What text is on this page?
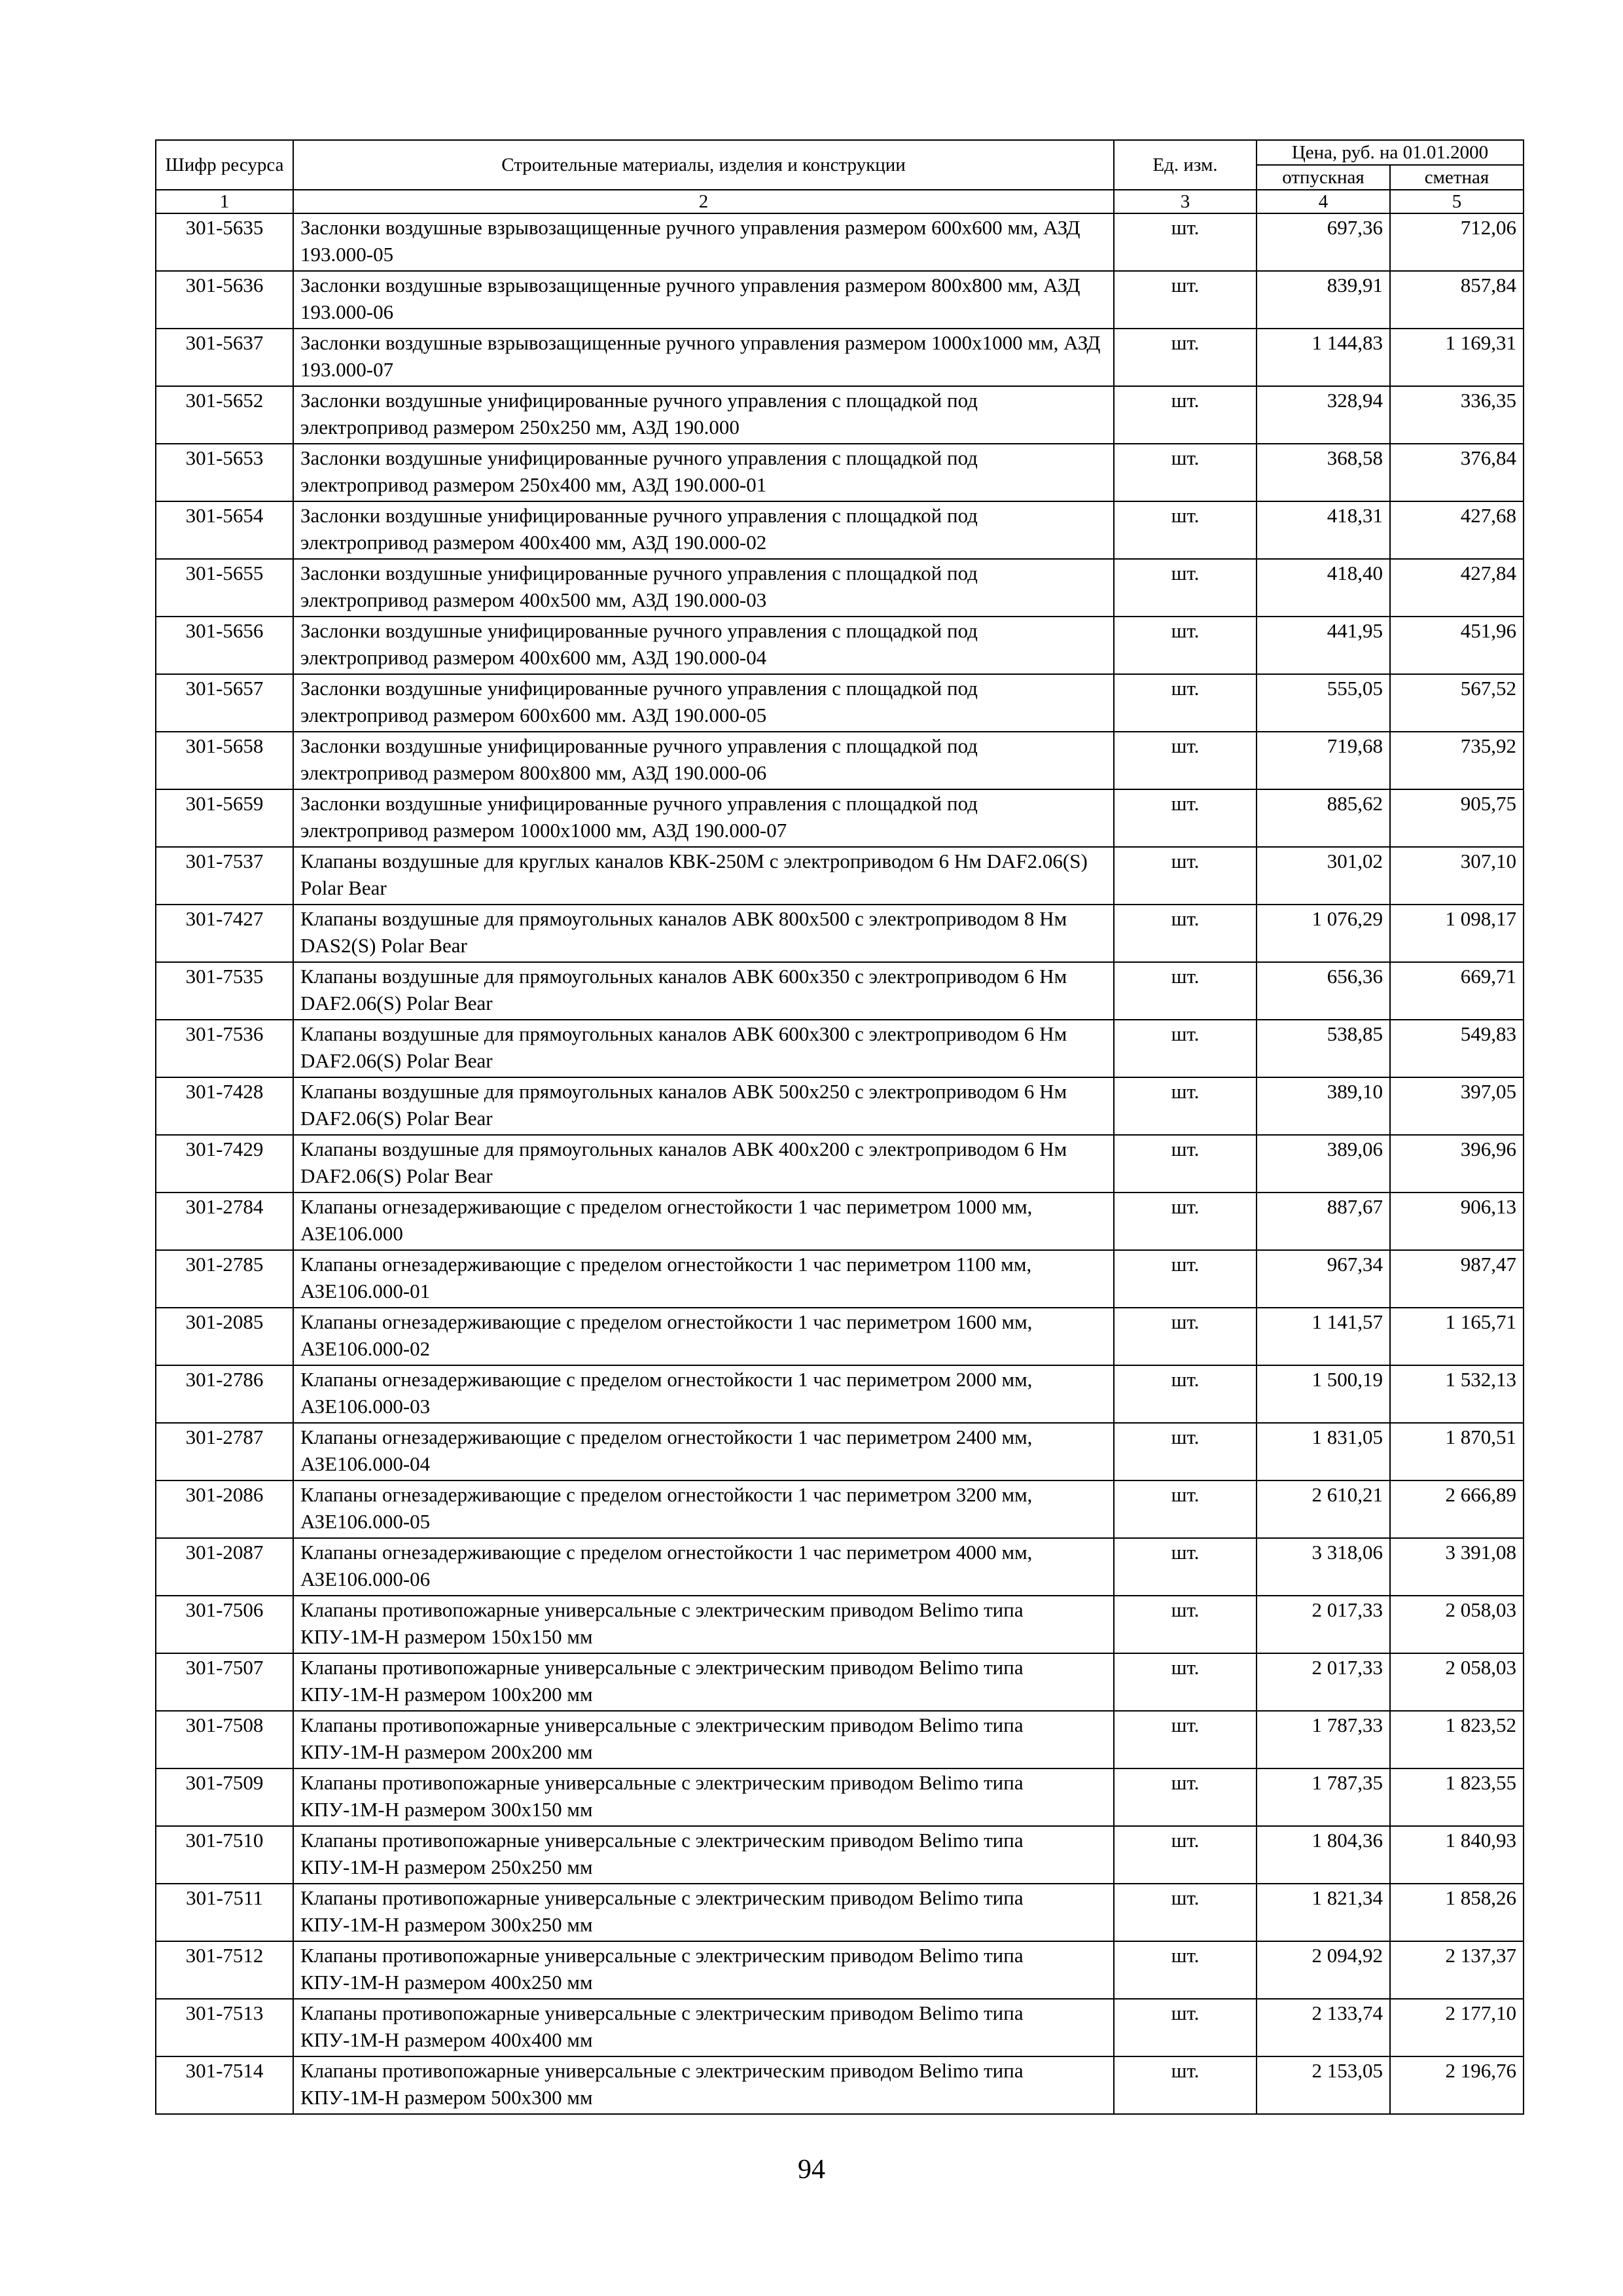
Шифр ресурса	Строительные материалы, изделия и конструкции	Ед. изм.	Цена, руб. на 01.01.2000	
			отпускная	сметная
1	2	3	4	5
301-5635	Заслонки воздушные взрывозащищенные ручного управления размером 600х600 мм, АЗД 193.000-05	шт.	697,36	712,06
301-5636	Заслонки воздушные взрывозащищенные ручного управления размером 800х800 мм, АЗД 193.000-06	шт.	839,91	857,84
301-5637	Заслонки воздушные взрывозащищенные ручного управления размером 1000х1000 мм, АЗД 193.000-07	шт.	1 144,83	1 169,31
301-5652	Заслонки воздушные унифицированные ручного управления с площадкой под электропривод размером 250х250 мм, АЗД 190.000	шт.	328,94	336,35
301-5653	Заслонки воздушные унифицированные ручного управления с площадкой под электропривод размером 250х400 мм, АЗД 190.000-01	шт.	368,58	376,84
301-5654	Заслонки воздушные унифицированные ручного управления с площадкой под электропривод размером 400х400 мм, АЗД 190.000-02	шт.	418,31	427,68
301-5655	Заслонки воздушные унифицированные ручного управления с площадкой под электропривод размером 400х500 мм, АЗД 190.000-03	шт.	418,40	427,84
301-5656	Заслонки воздушные унифицированные ручного управления с площадкой под электропривод размером 400х600 мм, АЗД 190.000-04	шт.	441,95	451,96
301-5657	Заслонки воздушные унифицированные ручного управления с площадкой под электропривод размером 600х600 мм. АЗД 190.000-05	шт.	555,05	567,52
301-5658	Заслонки воздушные унифицированные ручного управления с площадкой под электропривод размером 800х800 мм, АЗД 190.000-06	шт.	719,68	735,92
301-5659	Заслонки воздушные унифицированные ручного управления с площадкой под электропривод размером 1000х1000 мм, АЗД 190.000-07	шт.	885,62	905,75
301-7537	Клапаны воздушные для круглых каналов КВК-250М с электроприводом 6 Нм DAF2.06(S) Polar Bear	шт.	301,02	307,10
301-7427	Клапаны воздушные для прямоугольных каналов АВК 800х500 с электроприводом 8 Нм DAS2(S) Polar Bear	шт.	1 076,29	1 098,17
301-7535	Клапаны воздушные для прямоугольных каналов АВК 600х350 с электроприводом 6 Нм DAF2.06(S) Polar Bear	шт.	656,36	669,71
301-7536	Клапаны воздушные для прямоугольных каналов АВК 600х300 с электроприводом 6 Нм DAF2.06(S) Polar Bear	шт.	538,85	549,83
301-7428	Клапаны воздушные для прямоугольных каналов АВК 500х250 с электроприводом 6 Нм DAF2.06(S) Polar Bear	шт.	389,10	397,05
301-7429	Клапаны воздушные для прямоугольных каналов АВК 400х200 с электроприводом 6 Нм DAF2.06(S) Polar Bear	шт.	389,06	396,96
301-2784	Клапаны огнезадерживающие с пределом огнестойкости 1 час периметром 1000 мм, АЗЕ106.000	шт.	887,67	906,13
301-2785	Клапаны огнезадерживающие с пределом огнестойкости 1 час периметром 1100 мм, АЗЕ106.000-01	шт.	967,34	987,47
301-2085	Клапаны огнезадерживающие с пределом огнестойкости 1 час периметром 1600 мм, АЗЕ106.000-02	шт.	1 141,57	1 165,71
301-2786	Клапаны огнезадерживающие с пределом огнестойкости 1 час периметром 2000 мм, АЗЕ106.000-03	шт.	1 500,19	1 532,13
301-2787	Клапаны огнезадерживающие с пределом огнестойкости 1 час периметром 2400 мм, АЗЕ106.000-04	шт.	1 831,05	1 870,51
301-2086	Клапаны огнезадерживающие с пределом огнестойкости 1 час периметром 3200 мм, АЗЕ106.000-05	шт.	2 610,21	2 666,89
301-2087	Клапаны огнезадерживающие с пределом огнестойкости 1 час периметром 4000 мм, АЗЕ106.000-06	шт.	3 318,06	3 391,08
301-7506	Клапаны противопожарные универсальные с электрическим приводом Belimo типа КПУ-1М-Н размером 150х150 мм	шт.	2 017,33	2 058,03
301-7507	Клапаны противопожарные универсальные с электрическим приводом Belimo типа КПУ-1М-Н размером 100х200 мм	шт.	2 017,33	2 058,03
301-7508	Клапаны противопожарные универсальные с электрическим приводом Belimo типа КПУ-1М-Н размером 200х200 мм	шт.	1 787,33	1 823,52
301-7509	Клапаны противопожарные универсальные с электрическим приводом Belimo типа КПУ-1М-Н размером 300х150 мм	шт.	1 787,35	1 823,55
301-7510	Клапаны противопожарные универсальные с электрическим приводом Belimo типа КПУ-1М-Н размером 250х250 мм	шт.	1 804,36	1 840,93
301-7511	Клапаны противопожарные универсальные с электрическим приводом Belimo типа КПУ-1М-Н размером 300х250 мм	шт.	1 821,34	1 858,26
301-7512	Клапаны противопожарные универсальные с электрическим приводом Belimo типа КПУ-1М-Н размером 400х250 мм	шт.	2 094,92	2 137,37
301-7513	Клапаны противопожарные универсальные с электрическим приводом Belimo типа КПУ-1М-Н размером 400х400 мм	шт.	2 133,74	2 177,10
301-7514	Клапаны противопожарные универсальные с электрическим приводом Belimo типа КПУ-1М-Н размером 500х300 мм	шт.	2 153,05	2 196,76
94
